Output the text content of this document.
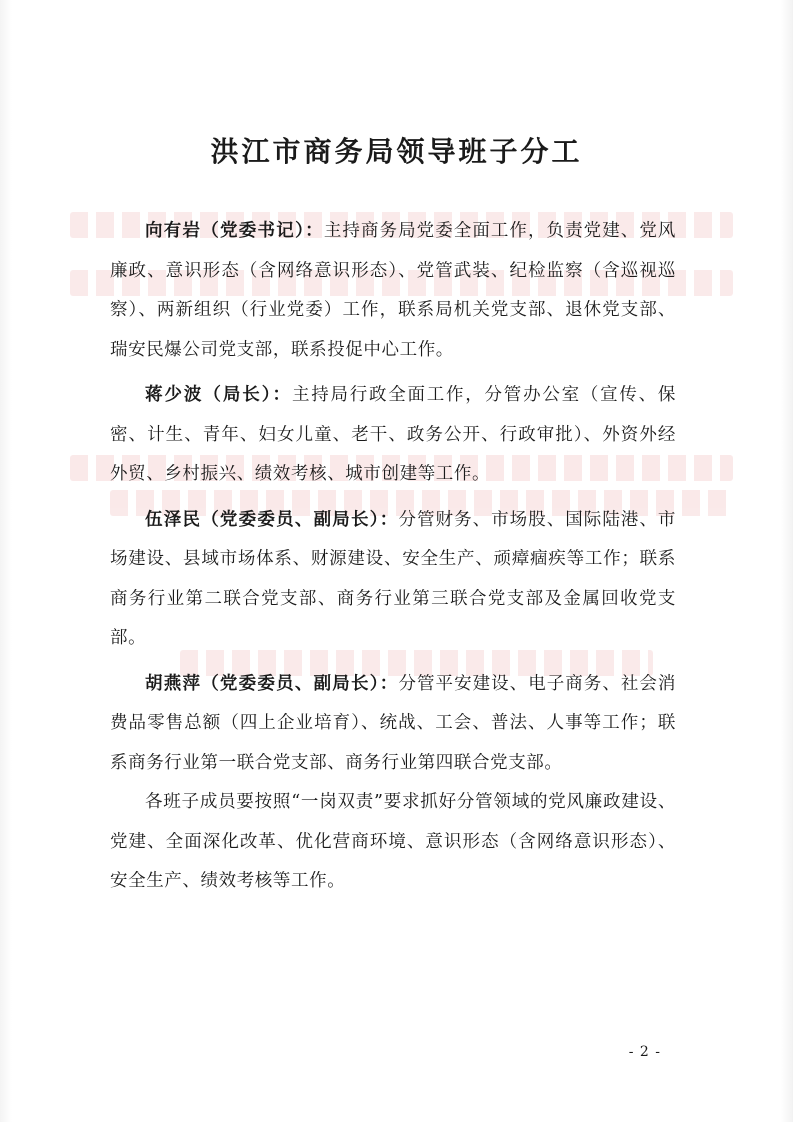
洪江市商务局领导班子分工

向有岩（党委书记）：主持商务局党委全面工作，负责党建、党风廉政、意识形态（含网络意识形态）、党管武装、纪检监察（含巡视巡察）、两新组织（行业党委）工作，联系局机关党支部、退休党支部、瑞安民爆公司党支部，联系投促中心工作。

蒋少波（局长）：主持局行政全面工作，分管办公室（宣传、保密、计生、青年、妇女儿童、老干、政务公开、行政审批）、外资外经外贸、乡村振兴、绩效考核、城市创建等工作。

伍泽民（党委委员、副局长）：分管财务、市场股、国际陆港、市场建设、县域市场体系、财源建设、安全生产、顽瘴痼疾等工作；联系商务行业第二联合党支部、商务行业第三联合党支部及金属回收党支部。

胡燕萍（党委委员、副局长）：分管平安建设、电子商务、社会消费品零售总额（四上企业培育）、统战、工会、普法、人事等工作；联系商务行业第一联合党支部、商务行业第四联合党支部。

各班子成员要按照“一岗双责”要求抓好分管领域的党风廉政建设、党建、全面深化改革、优化营商环境、意识形态（含网络意识形态）、安全生产、绩效考核等工作。

- 2 -
